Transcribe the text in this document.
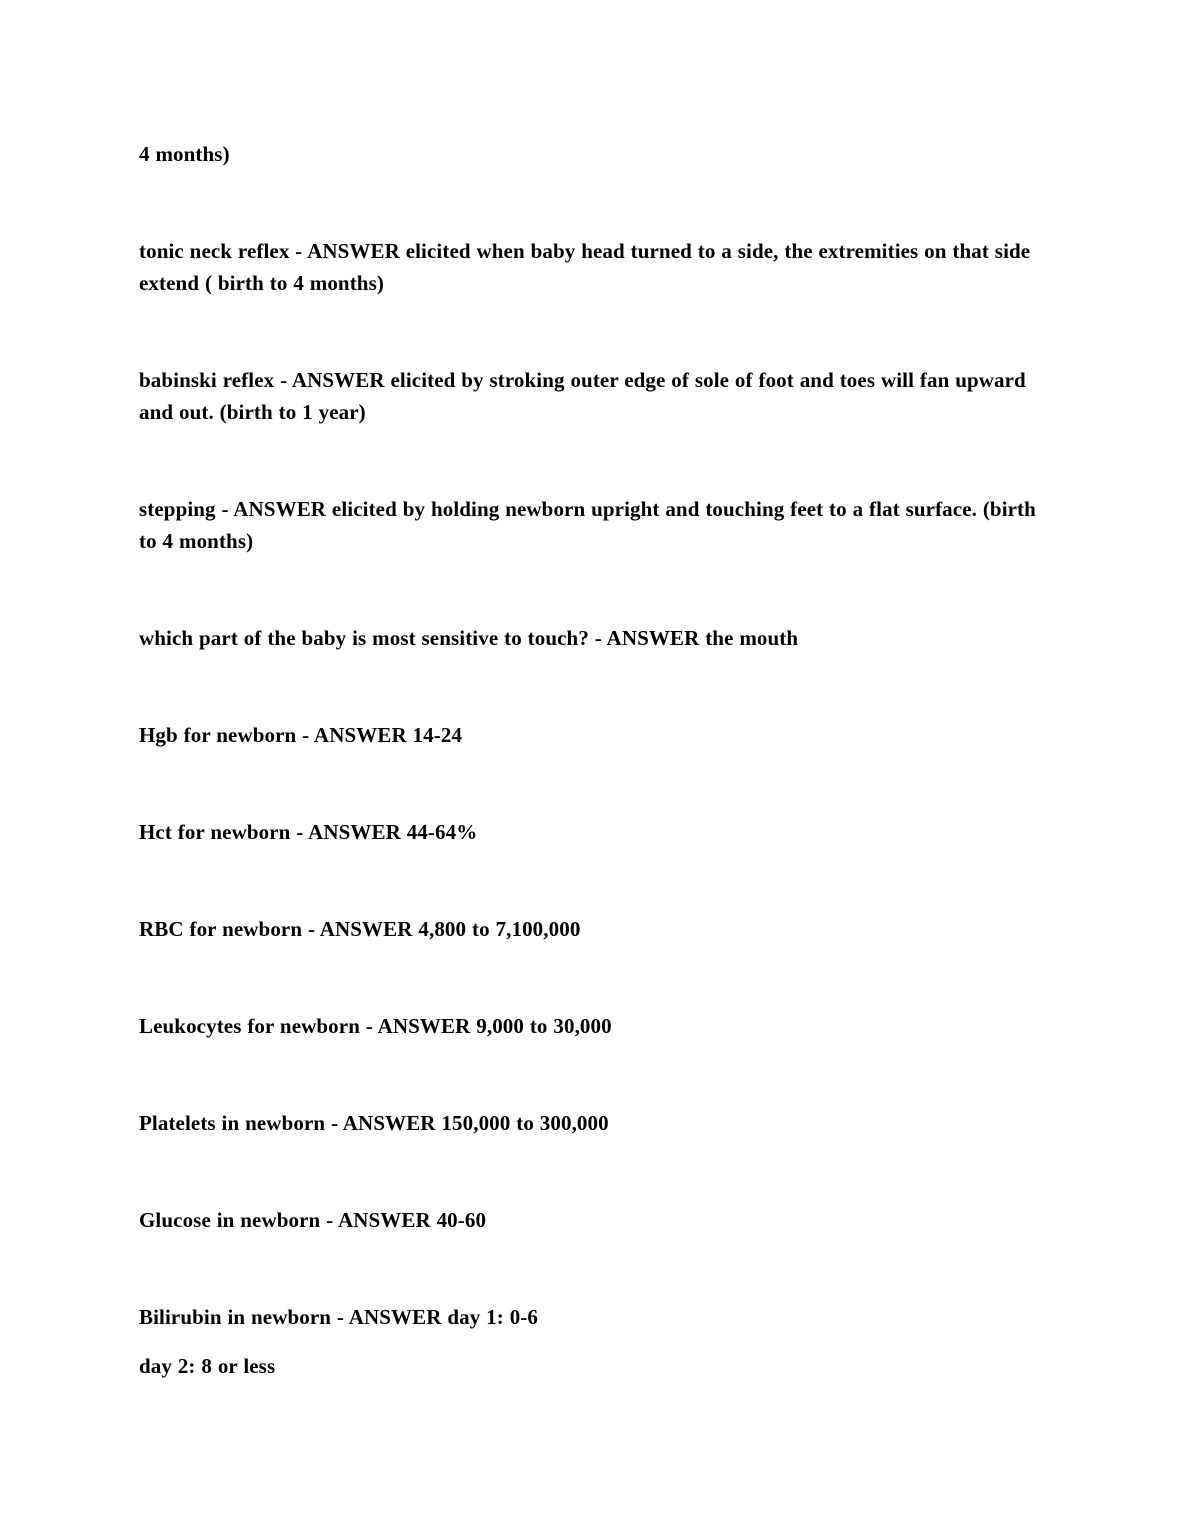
4 months)
tonic neck reflex - ANSWER elicited when baby head turned to a side, the extremities on that side extend ( birth to 4 months)
babinski reflex - ANSWER elicited by stroking outer edge of sole of foot and toes will fan upward and out. (birth to 1 year)
stepping - ANSWER elicited by holding newborn upright and touching feet to a flat surface. (birth to 4 months)
which part of the baby is most sensitive to touch? - ANSWER the mouth
Hgb for newborn - ANSWER 14-24
Hct for newborn - ANSWER 44-64%
RBC for newborn - ANSWER 4,800 to 7,100,000
Leukocytes for newborn - ANSWER 9,000 to 30,000
Platelets in newborn - ANSWER 150,000 to 300,000
Glucose in newborn - ANSWER 40-60
Bilirubin in newborn - ANSWER day 1: 0-6
day 2: 8 or less
